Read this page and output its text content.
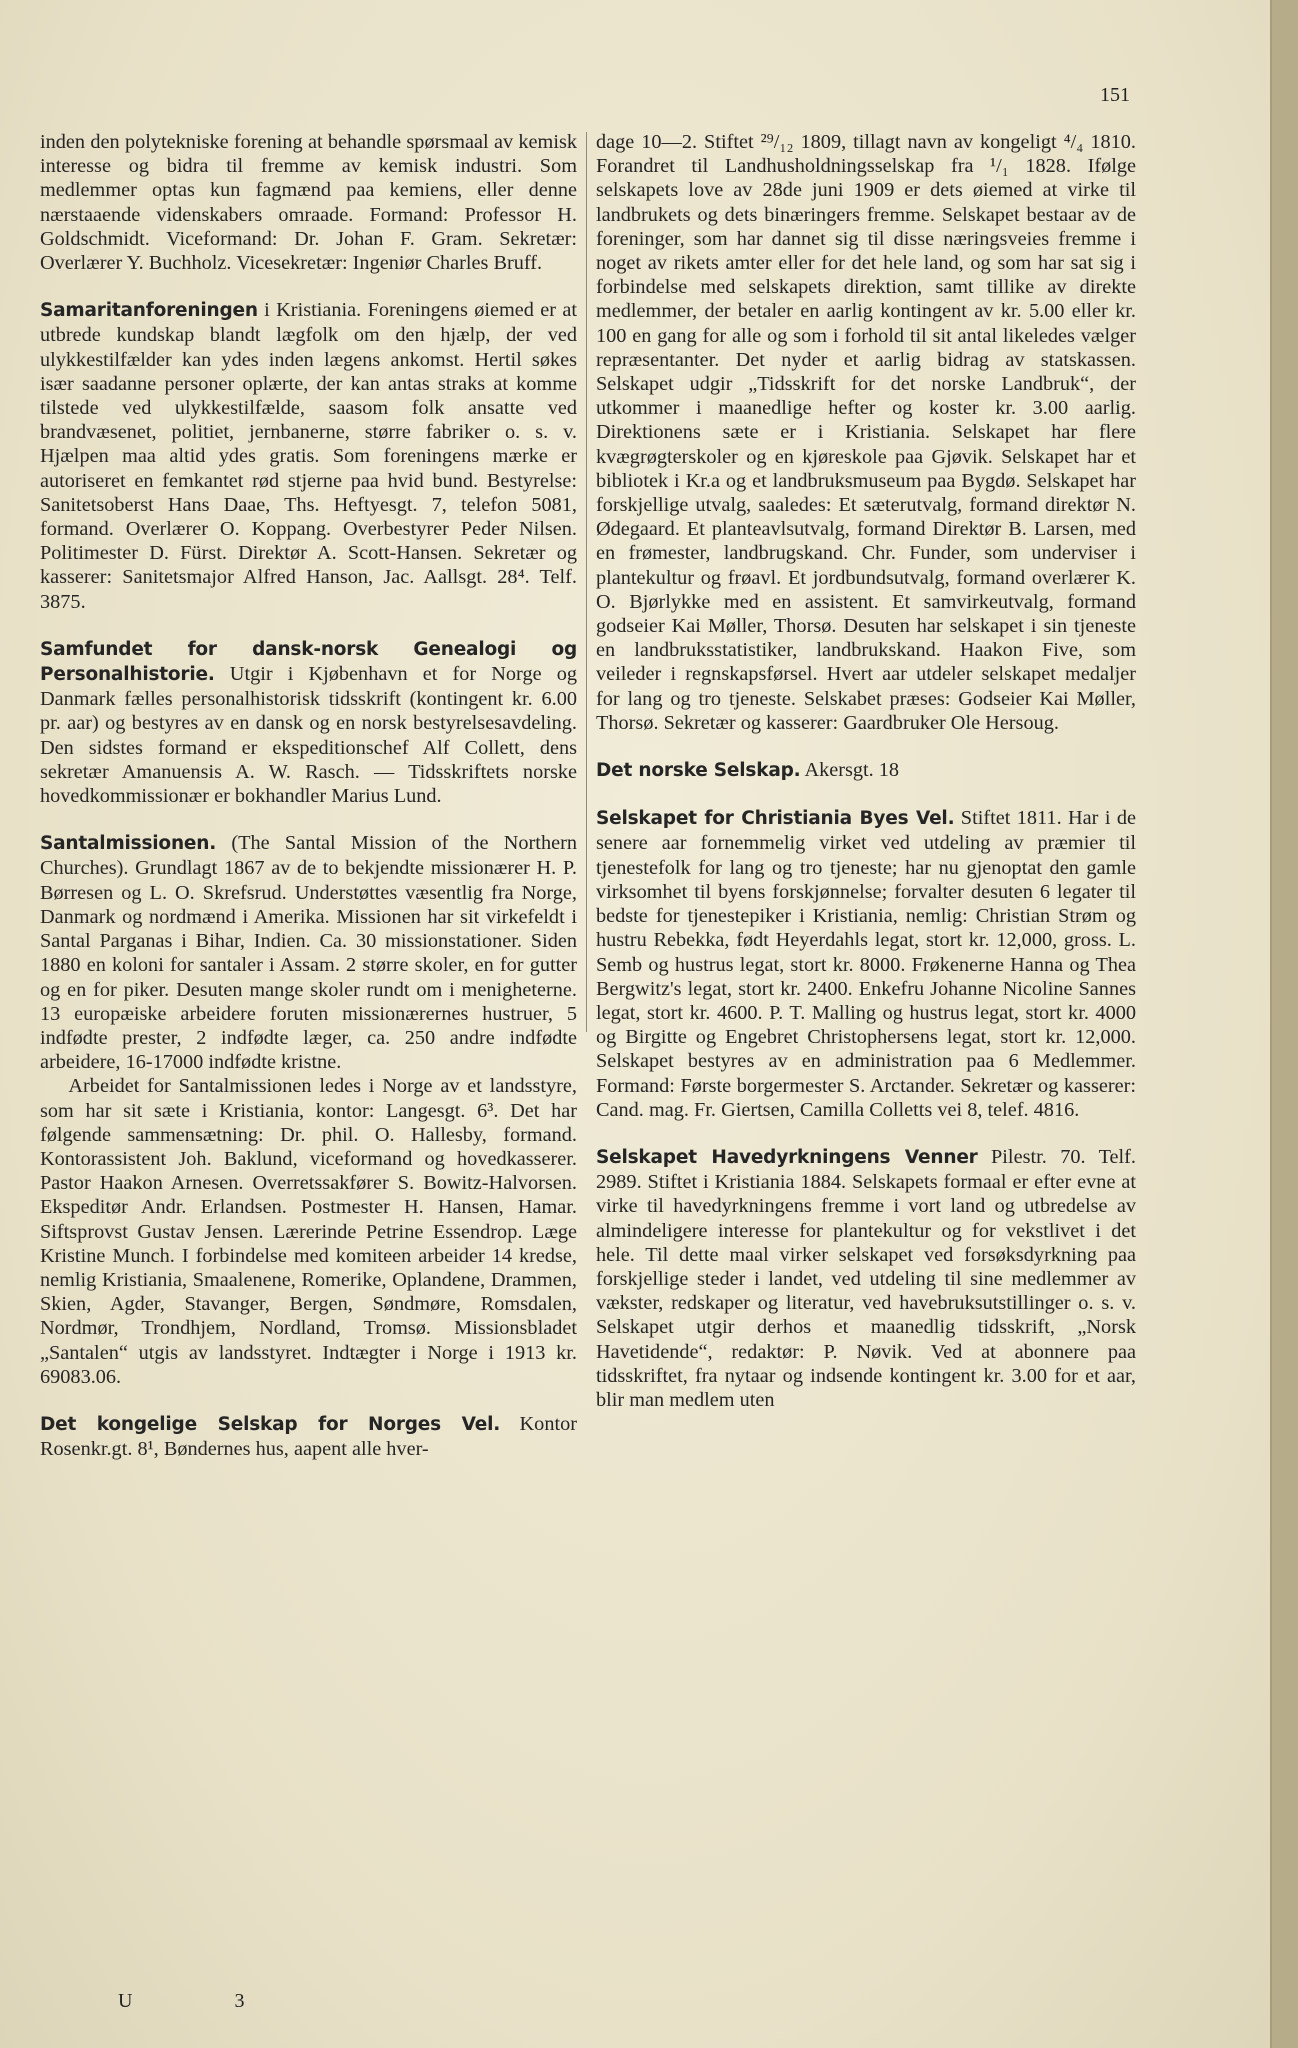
151

inden den polytekniske forening at behandle spørsmaal av kemisk interesse og bidra til fremme av kemisk industri. Som medlemmer optas kun fagmænd paa kemiens, eller denne nærstaaende videnskabers omraade. Formand: Professor H. Goldschmidt. Viceformand: Dr. Johan F. Gram. Sekretær: Overlærer Y. Buchholz. Vicesekretær: Ingeniør Charles Bruff.

Samaritanforeningen i Kristiania. Foreningens øiemed er at utbrede kundskap blandt lægfolk om den hjælp, der ved ulykkestilfælder kan ydes inden lægens ankomst. Hertil søkes især saadanne personer oplærte, der kan antas straks at komme tilstede ved ulykkestilfælde, saasom folk ansatte ved brandvæsenet, politiet, jernbanerne, større fabriker o. s. v. Hjælpen maa altid ydes gratis. Som foreningens mærke er autoriseret en femkantet rød stjerne paa hvid bund. Bestyrelse: Sanitetsoberst Hans Daae, Ths. Heftyesgt. 7, telefon 5081, formand. Overlærer O. Koppang. Overbestyrer Peder Nilsen. Politimester D. Fürst. Direktør A. Scott-Hansen. Sekretær og kasserer: Sanitetsmajor Alfred Hanson, Jac. Aallsgt. 28⁴. Telf. 3875.

Samfundet for dansk-norsk Genealogi og Personalhistorie. Utgir i Kjøbenhavn et for Norge og Danmark fælles personalhistorisk tidsskrift (kontingent kr. 6.00 pr. aar) og bestyres av en dansk og en norsk bestyrelsesavdeling. Den sidstes formand er ekspeditionschef Alf Collett, dens sekretær Amanuensis A. W. Rasch. — Tidsskriftets norske hovedkommissionær er bokhandler Marius Lund.

Santalmissionen. (The Santal Mission of the Northern Churches). Grundlagt 1867 av de to bekjendte missionærer H. P. Børresen og L. O. Skrefsrud. Understøttes væsentlig fra Norge, Danmark og nordmænd i Amerika. Missionen har sit virkefeldt i Santal Parganas i Bihar, Indien. Ca. 30 missionstationer. Siden 1880 en koloni for santaler i Assam. 2 større skoler, en for gutter og en for piker. Desuten mange skoler rundt om i menigheterne. 13 europæiske arbeidere foruten missionærernes hustruer, 5 indfødte prester, 2 indfødte læger, ca. 250 andre indfødte arbeidere, 16-17000 indfødte kristne.

Arbeidet for Santalmissionen ledes i Norge av et landsstyre, som har sit sæte i Kristiania, kontor: Langesgt. 6³. Det har følgende sammensætning: Dr. phil. O. Hallesby, formand. Kontorassistent Joh. Baklund, viceformand og hovedkasserer. Pastor Haakon Arnesen. Overretssakfører S. Bowitz-Halvorsen. Ekspeditør Andr. Erlandsen. Postmester H. Hansen, Hamar. Siftsprovst Gustav Jensen. Lærerinde Petrine Essendrop. Læge Kristine Munch. I forbindelse med komiteen arbeider 14 kredse, nemlig Kristiania, Smaalenene, Romerike, Oplandene, Drammen, Skien, Agder, Stavanger, Bergen, Søndmøre, Romsdalen, Nordmør, Trondhjem, Nordland, Tromsø. Missionsbladet „Santalen“ utgis av landsstyret. Indtægter i Norge i 1913 kr. 69083.06.

Det kongelige Selskap for Norges Vel. Kontor Rosenkr.gt. 8¹, Bøndernes hus, aapent alle hver-

dage 10—2. Stiftet ²⁹/₁₂ 1809, tillagt navn av kongeligt ⁴/₄ 1810. Forandret til Landhusholdningsselskap fra ¹/₁ 1828. Ifølge selskapets love av 28de juni 1909 er dets øiemed at virke til landbrukets og dets binæringers fremme. Selskapet bestaar av de foreninger, som har dannet sig til disse næringsveies fremme i noget av rikets amter eller for det hele land, og som har sat sig i forbindelse med selskapets direktion, samt tillike av direkte medlemmer, der betaler en aarlig kontingent av kr. 5.00 eller kr. 100 en gang for alle og som i forhold til sit antal likeledes vælger repræsentanter. Det nyder et aarlig bidrag av statskassen. Selskapet udgir „Tidsskrift for det norske Landbruk“, der utkommer i maanedlige hefter og koster kr. 3.00 aarlig. Direktionens sæte er i Kristiania. Selskapet har flere kvægrøgterskoler og en kjøreskole paa Gjøvik. Selskapet har et bibliotek i Kr.a og et landbruksmuseum paa Bygdø. Selskapet har forskjellige utvalg, saaledes: Et sæterutvalg, formand direktør N. Ødegaard. Et planteavlsutvalg, formand Direktør B. Larsen, med en frømester, landbrugskand. Chr. Funder, som underviser i plantekultur og frøavl. Et jordbundsutvalg, formand overlærer K. O. Bjørlykke med en assistent. Et samvirkeutvalg, formand godseier Kai Møller, Thorsø. Desuten har selskapet i sin tjeneste en landbruksstatistiker, landbrukskand. Haakon Five, som veileder i regnskapsførsel. Hvert aar utdeler selskapet medaljer for lang og tro tjeneste. Selskabet præses: Godseier Kai Møller, Thorsø. Sekretær og kasserer: Gaardbruker Ole Hersoug.

Det norske Selskap. Akersgt. 18

Selskapet for Christiania Byes Vel. Stiftet 1811. Har i de senere aar fornemmelig virket ved utdeling av præmier til tjenestefolk for lang og tro tjeneste; har nu gjenoptat den gamle virksomhet til byens forskjønnelse; forvalter desuten 6 legater til bedste for tjenestepiker i Kristiania, nemlig: Christian Strøm og hustru Rebekka, født Heyerdahls legat, stort kr. 12,000, gross. L. Semb og hustrus legat, stort kr. 8000. Frøkenerne Hanna og Thea Bergwitz's legat, stort kr. 2400. Enkefru Johanne Nicoline Sannes legat, stort kr. 4600. P. T. Malling og hustrus legat, stort kr. 4000 og Birgitte og Engebret Christophersens legat, stort kr. 12,000. Selskapet bestyres av en administration paa 6 Medlemmer. Formand: Første borgermester S. Arctander. Sekretær og kasserer: Cand. mag. Fr. Giertsen, Camilla Colletts vei 8, telef. 4816.

Selskapet Havedyrkningens Venner Pilestr. 70. Telf. 2989. Stiftet i Kristiania 1884. Selskapets formaal er efter evne at virke til havedyrkningens fremme i vort land og utbredelse av almindeligere interesse for plantekultur og for vekstlivet i det hele. Til dette maal virker selskapet ved forsøksdyrkning paa forskjellige steder i landet, ved utdeling til sine medlemmer av vækster, redskaper og literatur, ved havebruksutstillinger o. s. v. Selskapet utgir derhos et maanedlig tidsskrift, „Norsk Havetidende“, redaktør: P. Nøvik. Ved at abonnere paa tidsskriftet, fra nytaar og indsende kontingent kr. 3.00 for et aar, blir man medlem uten

U	3
